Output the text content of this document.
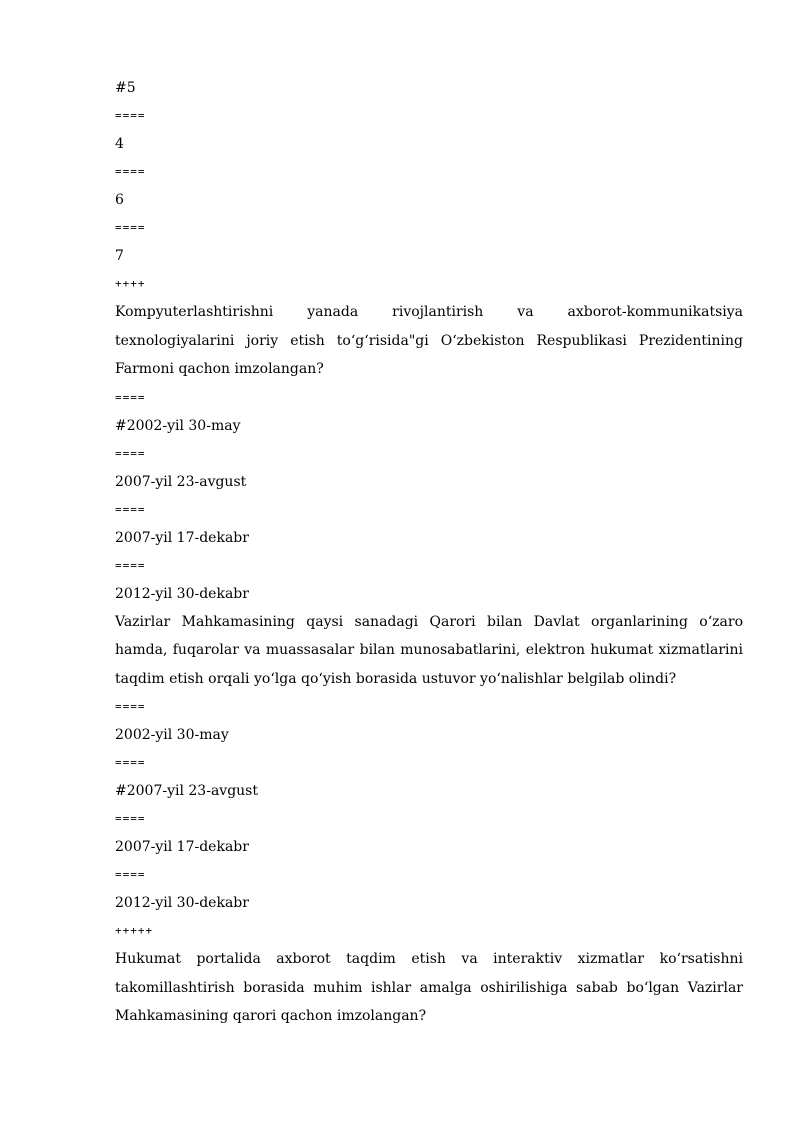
#5
====
4
====
6
====
7
++++
Kompyuterlashtirishni yanada rivojlantirish va axborot-kommunikatsiya texnologiyalarini joriy etish to‘g‘risida"gi O‘zbekiston Respublikasi Prezidentining Farmoni qachon imzolangan?
====
#2002-yil 30-may
====
2007-yil 23-avgust
====
2007-yil 17-dekabr
====
2012-yil 30-dekabr
Vazirlar Mahkamasining qaysi sanadagi Qarori bilan Davlat organlarining o‘zaro hamda, fuqarolar va muassasalar bilan munosabatlarini, elektron hukumat xizmatlarini taqdim etish orqali yo‘lga qo‘yish borasida ustuvor yo‘nalishlar belgilab olindi?
====
2002-yil 30-may
====
#2007-yil 23-avgust
====
2007-yil 17-dekabr
====
2012-yil 30-dekabr
+++++
Hukumat portalida axborot taqdim etish va interaktiv xizmatlar ko‘rsatishni takomillashtirish borasida muhim ishlar amalga oshirilishiga sabab bo‘lgan Vazirlar Mahkamasining qarori qachon imzolangan?
